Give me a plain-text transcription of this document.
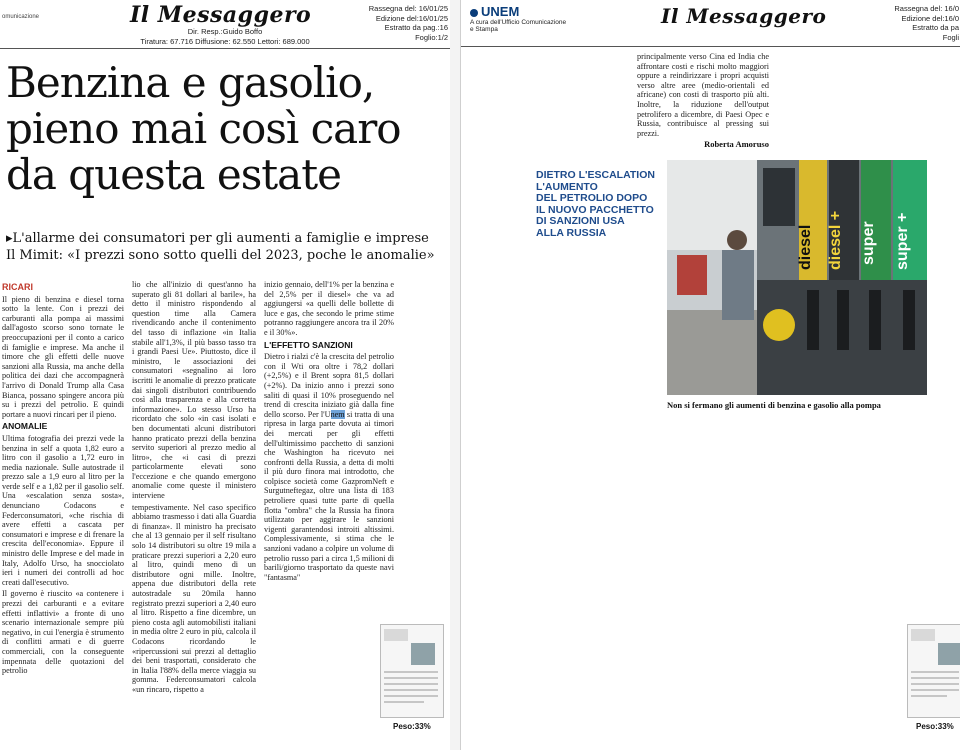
omunicazione	Il Messaggero
Dir. Resp.:Guido Boffo
Tiratura: 67.716 Diffusione: 62.550 Lettori: 689.000
Rassegna del: 16/01/25
Edizione del:16/01/25
Estratto da pag.:16
Foglio:1/2
Benzina e gasolio,
pieno mai così caro
da questa estate
▸L'allarme dei consumatori per gli aumenti a famiglie e imprese
Il Mimit: «I prezzi sono sotto quelli del 2023, poche le anomalie»
RICARI

Il pieno di benzina e diesel torna sotto la lente. Con i prezzi dei carburanti alla pompa ai massimi dall'agosto scorso sono tornate le preoccupazioni per il conto a carico di famiglie e imprese. Ma anche il timore che gli effetti delle nuove sanzioni alla Russia, ma anche della politica dei dazi che accompagnerà l'arrivo di Donald Trump alla Casa Bianca, possano spingere ancora più su i prezzi del petrolio. E quindi portare a nuovi rincari per il pieno.

ANOMALIE

Ultima fotografia dei prezzi vede la benzina in self a quota 1,82 euro a litro con il gasolio a 1,72 euro in media nazionale. Sulle autostrade il prezzo sale a 1,9 euro al litro per la verde self e a 1,82 per il gasolio self. Una «escalation senza sosta», denunciano Codacons e Federconsumatori, «che rischia di avere effetti a cascata per consumatori e imprese e di frenare la crescita dell'economia». Eppure il ministro delle Imprese e del made in Italy, Adolfo Urso, ha snocciolato ieri i numeri dei controlli ad hoc creati dall'esecutivo.

Il governo è riuscito «a contenere i prezzi dei carburanti e a evitare effetti inflattivi» a fronte di uno scenario internazionale sempre più negativo, in cui l'energia è strumento di conflitti armati e di guerre commerciali, con la conseguente impennata delle quotazioni del petrolio

lio che all'inizio di quest'anno ha superato gli 81 dollari al barile», ha detto il ministro rispondendo al question time alla Camera rivendicando anche il contenimento del tasso di inflazione «in Italia stabile all'1,3%, il più basso tasso tra i grandi Paesi Ue». Piuttosto, dice il ministro, le associazioni dei consumatori «segnalino ai loro iscritti le anomalie di prezzo praticate dai singoli distributori contribuendo così alla trasparenza e alla corretta informazione». Lo stesso Urso ha ricordato che solo «in casi isolati e ben documentati alcuni distributori hanno praticato prezzi della benzina servito superiori al prezzo medio al litro», che «i casi di prezzi particolarmente elevati sono l'eccezione e che quando emergono anomalie come queste il ministero interviene

tempestivamente. Nel caso specifico abbiamo trasmesso i dati alla Guardia di finanza». Il ministro ha precisato che al 13 gennaio per il self risultano solo 14 distributori su oltre 19 mila a praticare prezzi superiori a 2,20 euro al litro, quindi meno di un distributore ogni mille. Inoltre, appena due distributori della rete autostradale su 20mila hanno registrato prezzi superiori a 2,40 euro al litro. Rispetto a fine dicembre, un pieno costa agli automobilisti italiani in media oltre 2 euro in più, calcola il Codacons ricordando le «ripercussioni sui prezzi al dettaglio dei beni trasportati, considerato che in Italia l'88% della merce viaggia su gomma. Federconsumatori calcola «un rincaro, rispetto a

inizio gennaio, dell'1% per la benzina e del 2,5% per il diesel» che va ad aggiungersi «a quelli delle bollette di luce e gas, che secondo le prime stime potranno raggiungere ancora tra il 20% e il 30%».

L'EFFETTO SANZIONI

Dietro i rialzi c'è la crescita del petrolio con il Wti ora oltre i 78,2 dollari (+2,5%) e il Brent sopra 81,5 dollari (+2%). Da inizio anno i prezzi sono saliti di quasi il 10% proseguendo nel trend di crescita iniziato già dalla fine dello scorso. Per l'Unem si tratta di una ripresa in larga parte dovuta ai timori dei mercati per gli effetti dell'ultimissimo pacchetto di sanzioni che Washington ha ricevuto nei confronti della Russia, a detta di molti il più duro finora mai introdotto, che colpisce società come GazpromNeft e Surgutneftegaz, oltre una lista di 183 petroliere quasi tutte parte di quella flotta "ombra" che la Russia ha finora utilizzato per aggirare le sanzioni vigenti garantendosi introiti altissimi. Complessivamente, si stima che le sanzioni vadano a colpire un volume di petrolio russo pari a circa 1,5 milioni di barili/giorno trasportato da queste navi "fantasma"

Peso:33%
UNEM
A cura dell'Ufficio Comunicazione
e Stampa
Il Messaggero	Rassegna del: 16/0
Edizione del:16/0
Estratto da pa
Fogli

principalmente verso Cina ed India che affrontare costi e rischi molto maggiori oppure a reindirizzare i propri acquisti verso altre aree (medio-orientali ed africane) con costi di trasporto più alti. Inoltre, la riduzione dell'output petrolifero a dicembre, di Paesi Opec e Russia, contribuisce al pressing sui prezzi.

Roberta Amoruso
diesel diesel + super super +
Non si fermano gli aumenti di benzina e gasolio alla pompa
Peso:33%
DIETRO L'ESCALATION
L'AUMENTO
DEL PETROLIO DOPO
IL NUOVO PACCHETTO
DI SANZIONI USA
ALLA RUSSIA
